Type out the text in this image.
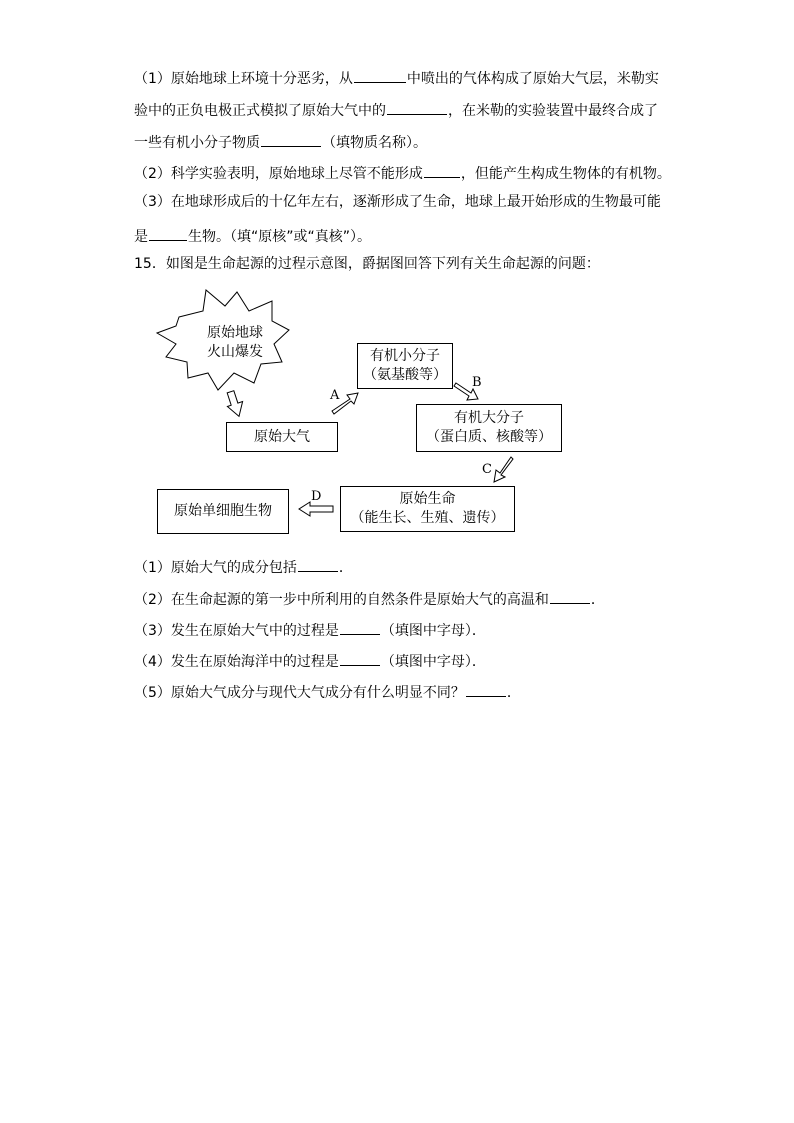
（1）原始地球上环境十分恶劣，从	中喷出的气体构成了原始大气层，米勒实

验中的正负电极正式模拟了原始大气中的	，在米勒的实验装置中最终合成了

一些有机小分子物质	（填物质名称）。

（2）科学实验表明，原始地球上尽管不能形成	，但能产生构成生物体的有机物。

（3）在地球形成后的十亿年左右，逐渐形成了生命，地球上最开始形成的生物最可能

是	生物。（填“原核”或“真核”）。

15．如图是生命起源的过程示意图，爵据图回答下列有关生命起源的问题：

原始地球
火山爆发
原始大气
有机小分子
（氨基酸等）
有机大分子
（蛋白质、核酸等）
原始生命
（能生长、生殖、遗传）
原始单细胞生物
A
B
C
D

（1）原始大气的成分包括	．

（2）在生命起源的第一步中所利用的自然条件是原始大气的高温和	．

（3）发生在原始大气中的过程是	（填图中字母）．

（4）发生在原始海洋中的过程是	（填图中字母）．

（5）原始大气成分与现代大气成分有什么明显不同？	．
